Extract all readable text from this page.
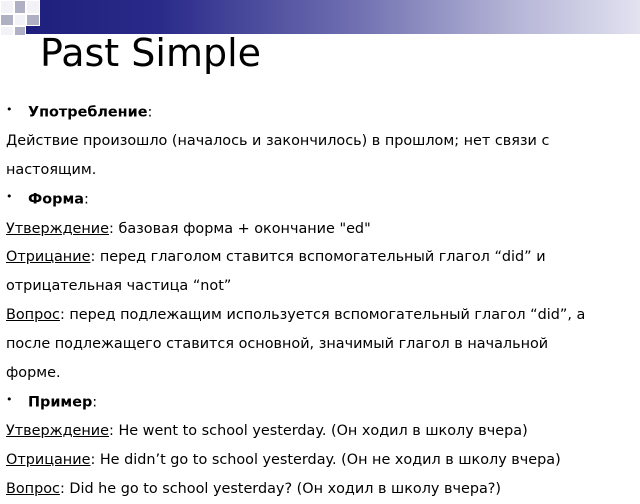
Past Simple
• Употребление:
Действие произошло (началось и закончилось) в прошлом; нет связи с
настоящим.
• Форма:
Утверждение: базовая форма + окончание "ed"
Отрицание: перед глаголом ставится вспомогательный глагол “did” и
отрицательная частица “not”
Вопрос: перед подлежащим используется вспомогательный глагол “did”, а
после подлежащего ставится основной, значимый глагол в начальной
форме.
• Пример:
Утверждение: He went to school yesterday. (Он ходил в школу вчера)
Отрицание: He didn’t go to school yesterday. (Он не ходил в школу вчера)
Вопрос: Did he go to school yesterday? (Он ходил в школу вчера?)
